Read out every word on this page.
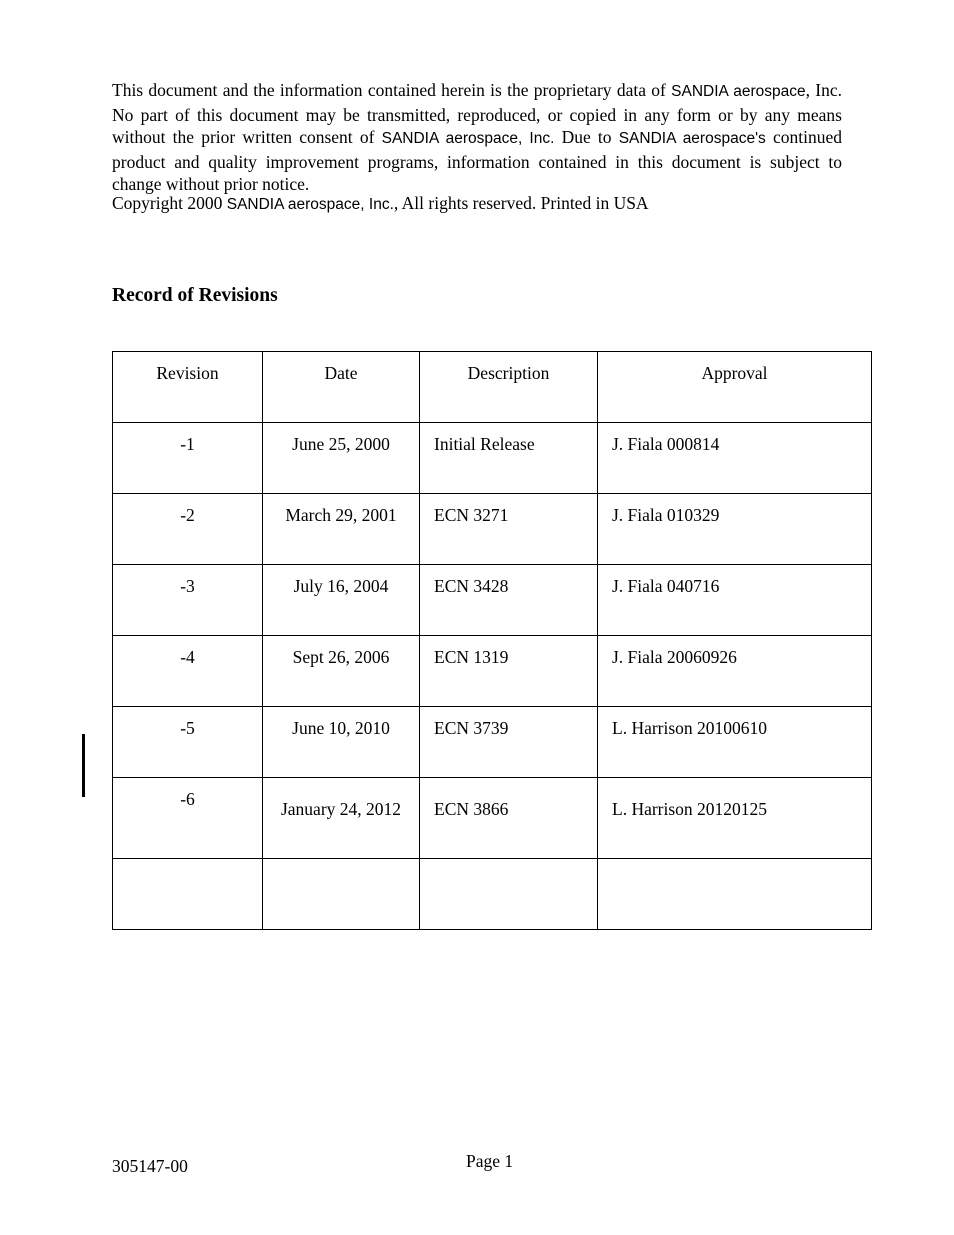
This document and the information contained herein is the proprietary data of SANDIA aerospace, Inc. No part of this document may be transmitted, reproduced, or copied in any form or by any means without the prior written consent of SANDIA aerospace, Inc. Due to SANDIA aerospace's continued product and quality improvement programs, information contained in this document is subject to change without prior notice.

Copyright 2000 SANDIA aerospace, Inc., All rights reserved. Printed in USA
Record of Revisions
Revision	Date	Description	Approval
-1	June 25, 2000	Initial Release	J. Fiala 000814
-2	March 29, 2001	ECN 3271	J. Fiala 010329
-3	July 16, 2004	ECN 3428	J. Fiala 040716
-4	Sept 26, 2006	ECN 1319	J. Fiala 20060926
-5	June 10, 2010	ECN 3739	L. Harrison 20100610
-6	January 24, 2012	ECN 3866	L. Harrison 20120125

305147-00	Page 1
